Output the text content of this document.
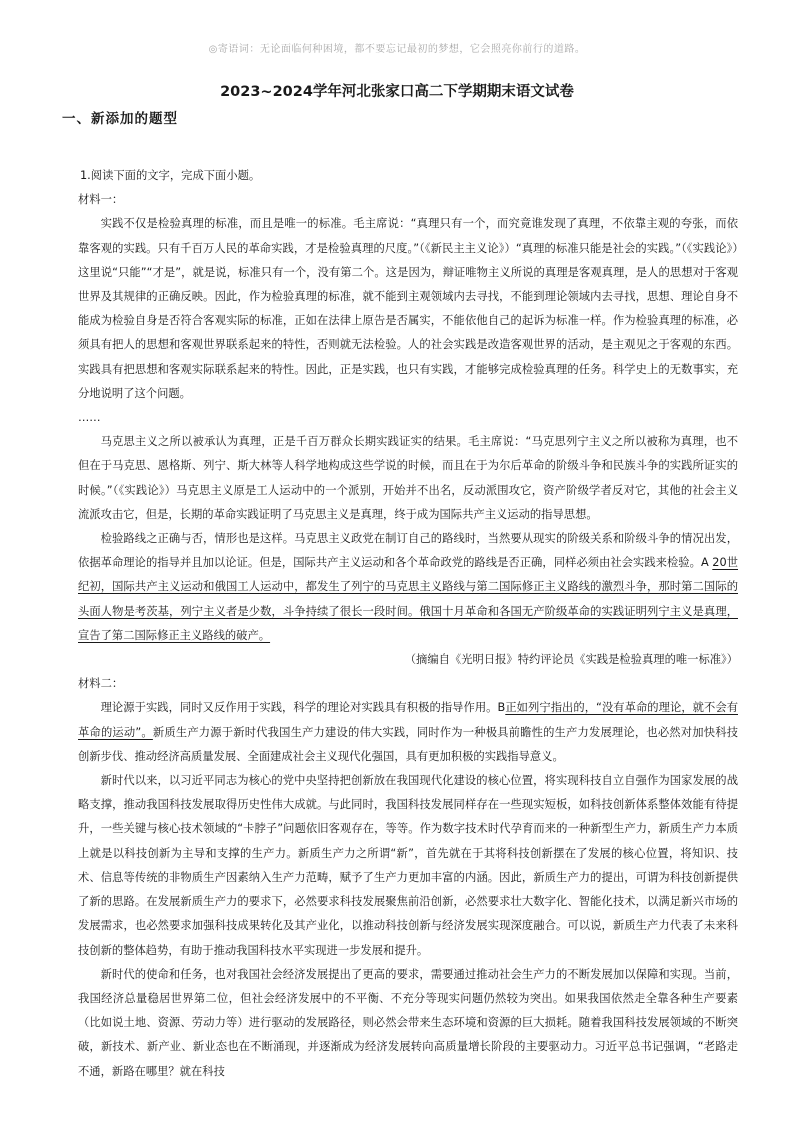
◎寄语词：无论面临何种困境，都不要忘记最初的梦想，它会照亮你前行的道路。
2023~2024学年河北张家口高二下学期期末语文试卷
一、新添加的题型

1.阅读下面的文字，完成下面小题。

材料一：

实践不仅是检验真理的标准，而且是唯一的标准。毛主席说：“真理只有一个，而究竟谁发现了真理，不依靠主观的夸张，而依靠客观的实践。只有千百万人民的革命实践，才是检验真理的尺度。”（《新民主主义论》）“真理的标准只能是社会的实践。”（《实践论》）这里说“只能”“才是”，就是说，标准只有一个，没有第二个。这是因为，辩证唯物主义所说的真理是客观真理，是人的思想对于客观世界及其规律的正确反映。因此，作为检验真理的标准，就不能到主观领域内去寻找，不能到理论领域内去寻找，思想、理论自身不能成为检验自身是否符合客观实际的标准，正如在法律上原告是否属实，不能依他自己的起诉为标准一样。作为检验真理的标准，必须具有把人的思想和客观世界联系起来的特性，否则就无法检验。人的社会实践是改造客观世界的活动，是主观见之于客观的东西。实践具有把思想和客观实际联系起来的特性。因此，正是实践，也只有实践，才能够完成检验真理的任务。科学史上的无数事实，充分地说明了这个问题。

……

马克思主义之所以被承认为真理，正是千百万群众长期实践证实的结果。毛主席说：“马克思列宁主义之所以被称为真理，也不但在于马克思、恩格斯、列宁、斯大林等人科学地构成这些学说的时候，而且在于为尔后革命的阶级斗争和民族斗争的实践所证实的时候。”（《实践论》）马克思主义原是工人运动中的一个派别，开始并不出名，反动派围攻它，资产阶级学者反对它，其他的社会主义流派攻击它，但是，长期的革命实践证明了马克思主义是真理，终于成为国际共产主义运动的指导思想。

检验路线之正确与否，情形也是这样。马克思主义政党在制订自己的路线时，当然要从现实的阶级关系和阶级斗争的情况出发，依据革命理论的指导并且加以论证。但是，国际共产主义运动和各个革命政党的路线是否正确，同样必须由社会实践来检验。A 20世纪初，国际共产主义运动和俄国工人运动中，都发生了列宁的马克思主义路线与第二国际修正主义路线的激烈斗争，那时第二国际的头面人物是考茨基，列宁主义者是少数，斗争持续了很长一段时间。俄国十月革命和各国无产阶级革命的实践证明列宁主义是真理，宣告了第二国际修正主义路线的破产。

（摘编自《光明日报》特约评论员《实践是检验真理的唯一标准》）

材料二：

理论源于实践，同时又反作用于实践，科学的理论对实践具有积极的指导作用。B正如列宁指出的，“没有革命的理论，就不会有革命的运动”。新质生产力源于新时代我国生产力建设的伟大实践，同时作为一种极具前瞻性的生产力发展理论，也必然对加快科技创新步伐、推动经济高质量发展、全面建成社会主义现代化强国，具有更加积极的实践指导意义。

新时代以来，以习近平同志为核心的党中央坚持把创新放在我国现代化建设的核心位置，将实现科技自立自强作为国家发展的战略支撑，推动我国科技发展取得历史性伟大成就。与此同时，我国科技发展同样存在一些现实短板，如科技创新体系整体效能有待提升，一些关键与核心技术领域的“卡脖子”问题依旧客观存在，等等。作为数字技术时代孕育而来的一种新型生产力，新质生产力本质上就是以科技创新为主导和支撑的生产力。新质生产力之所谓“新”，首先就在于其将科技创新摆在了发展的核心位置，将知识、技术、信息等传统的非物质生产因素纳入生产力范畴，赋予了生产力更加丰富的内涵。因此，新质生产力的提出，可谓为科技创新提供了新的思路。在发展新质生产力的要求下，必然要求科技发展聚焦前沿创新，必然要求壮大数字化、智能化技术，以满足新兴市场的发展需求，也必然要求加强科技成果转化及其产业化，以推动科技创新与经济发展实现深度融合。可以说，新质生产力代表了未来科技创新的整体趋势，有助于推动我国科技水平实现进一步发展和提升。

新时代的使命和任务，也对我国社会经济发展提出了更高的要求，需要通过推动社会生产力的不断发展加以保障和实现。当前，我国经济总量稳居世界第二位，但社会经济发展中的不平衡、不充分等现实问题仍然较为突出。如果我国依然走全靠各种生产要素（比如说土地、资源、劳动力等）进行驱动的发展路径，则必然会带来生态环境和资源的巨大损耗。随着我国科技发展领域的不断突破，新技术、新产业、新业态也在不断涌现，并逐渐成为经济发展转向高质量增长阶段的主要驱动力。习近平总书记强调，“老路走不通，新路在哪里？就在科技
